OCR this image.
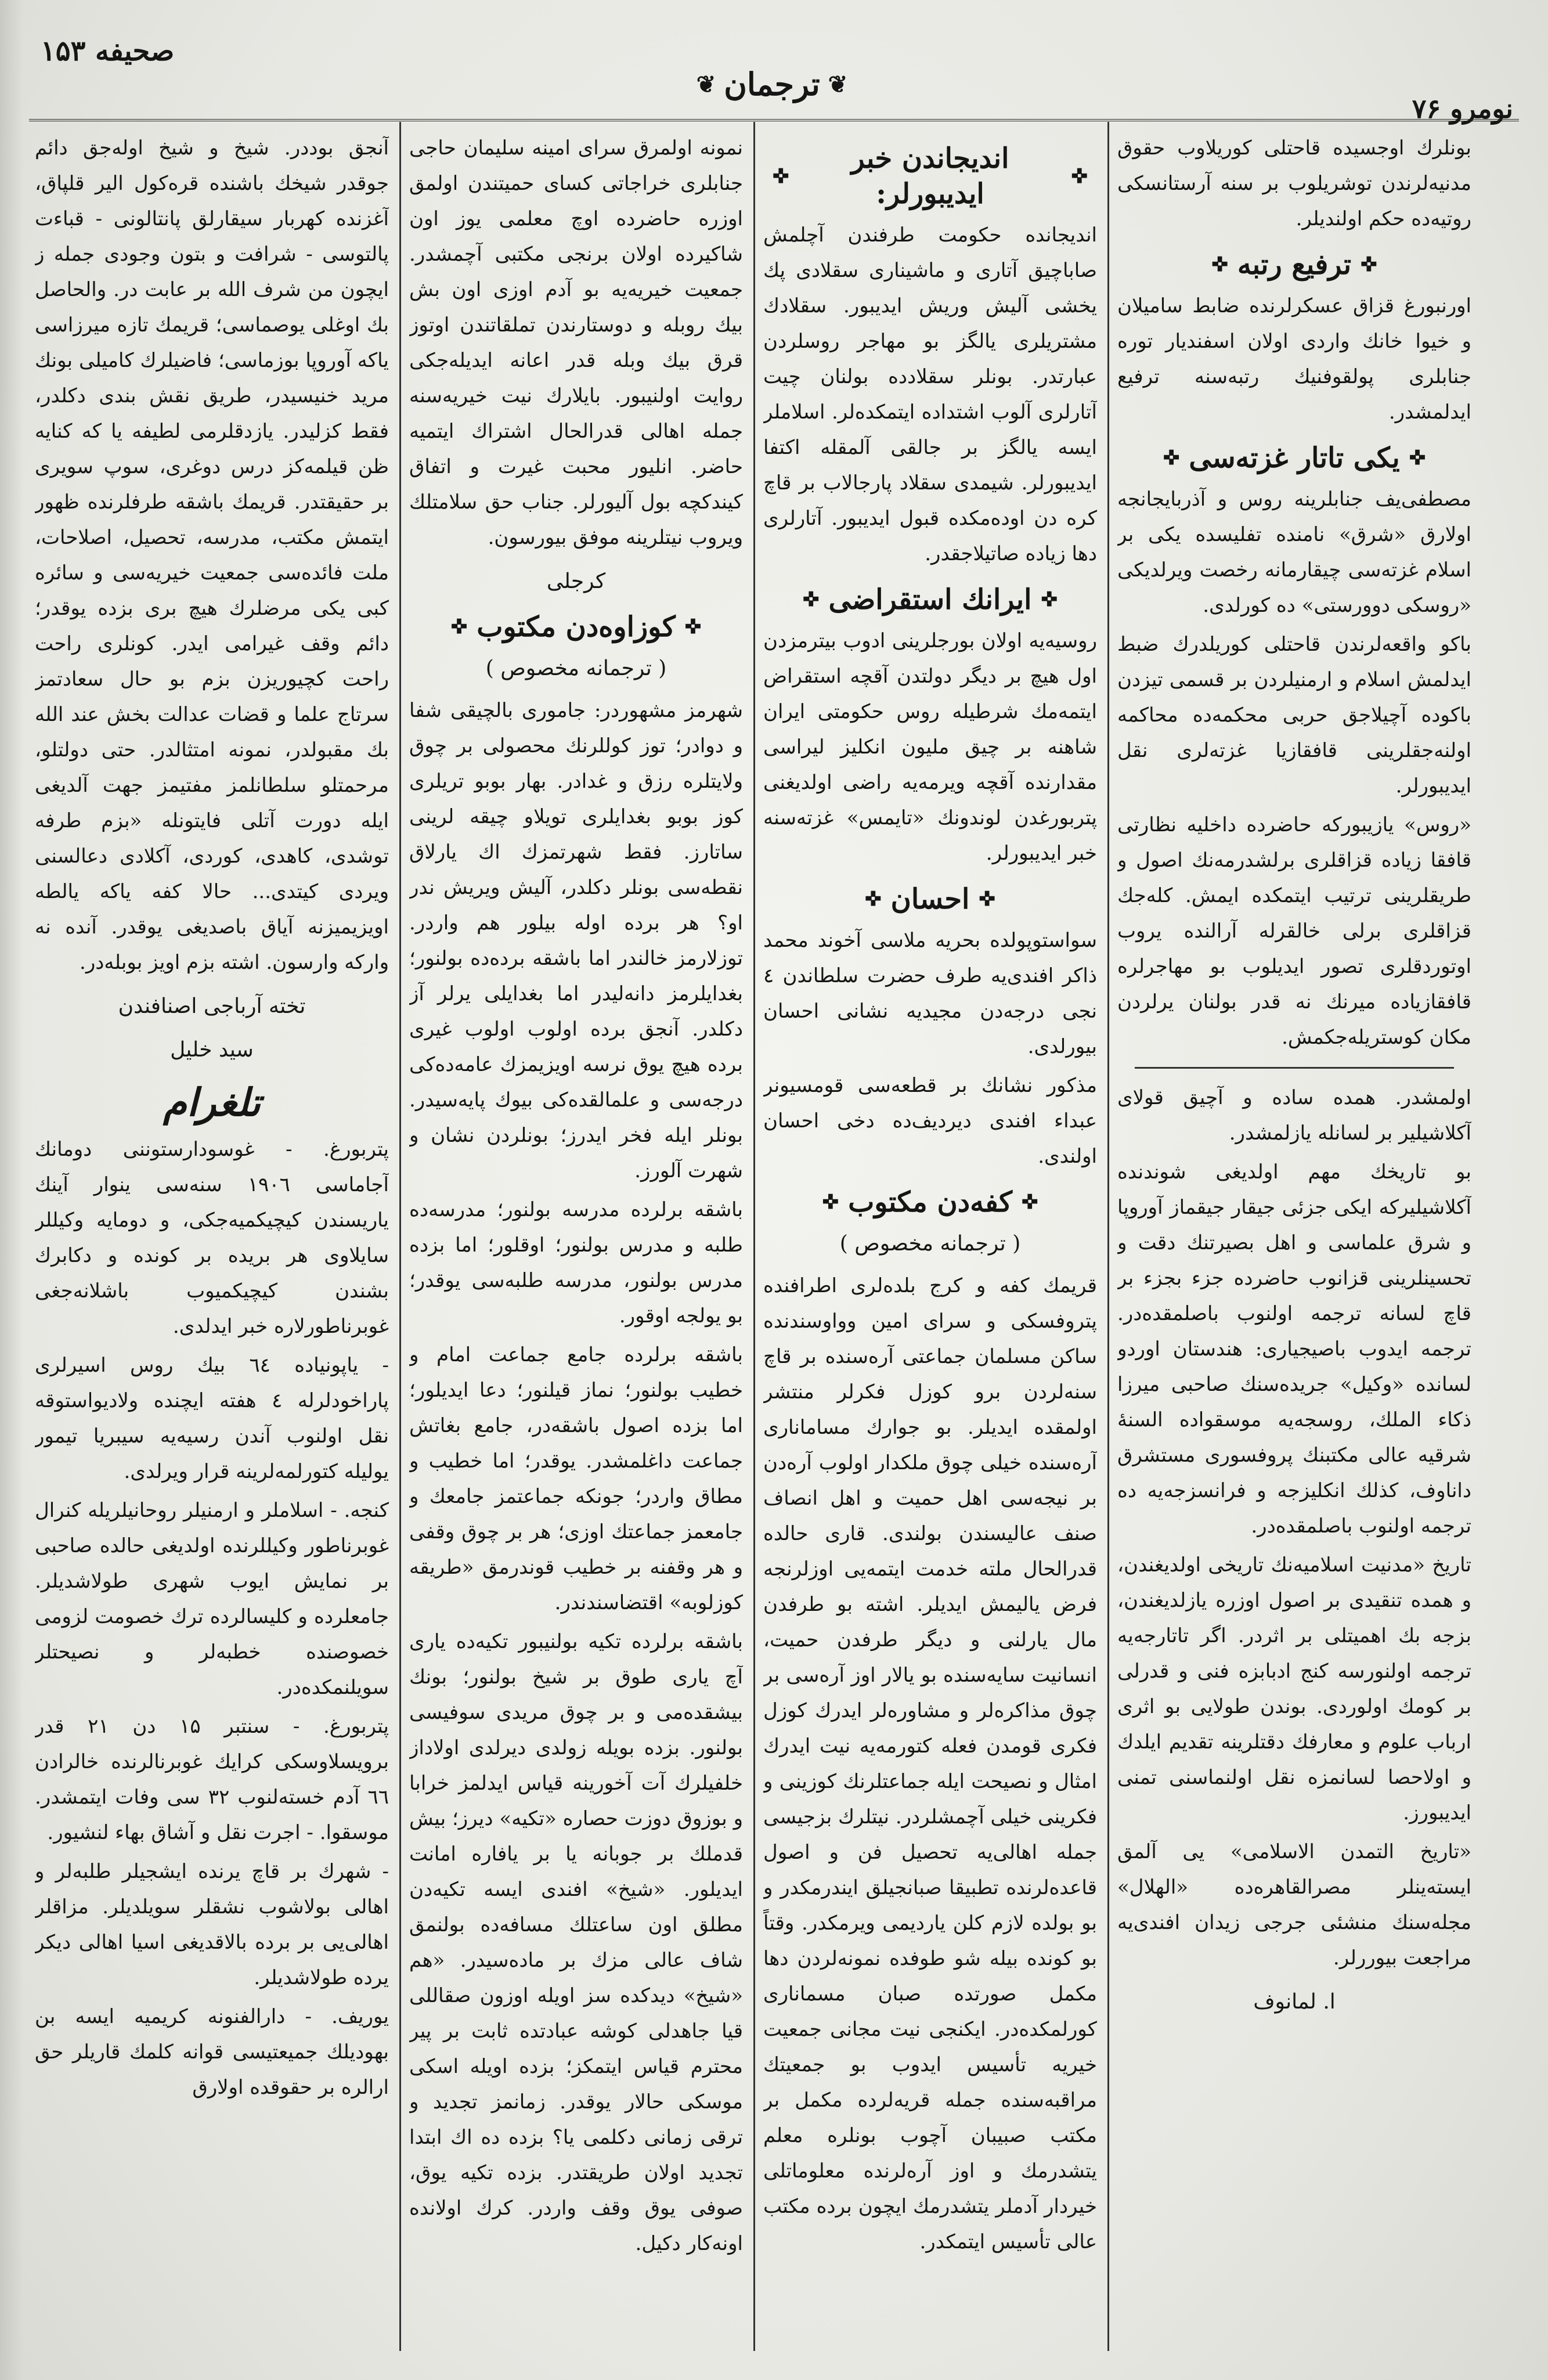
صحیفه ۱۵۳
❦
ترجمان
❦
نومرو ۷۶

بونلرك اوجسیده قاحتلی كوریلاوب حقوق مدنیه‌لرندن توشریلوب بر سنه آرستانسكی روتیه‌ده حكم اولندیلر.

✜
ترفیع رتبه
✜

اورنبورغ قزاق عسكرلرنده ضابط سامیلان و خیوا خانك واردی اولان اسفندیار توره جنابلری پولقوفنیك رتبه‌سنه ترفیع ایدلمشدر.

✜
یكی تاتار غزته‌سی
✜

مصطفی‌یف جنابلرینه روس و آذربایجانجه اولارق «شرق» نامنده تفلیسده یكی بر اسلام غزته‌سی چیقارمانه رخصت ویرلدیكی «روسكی دوورستی» ده كورلدی.

باكو واقعه‌لرندن قاحتلی كوریلدرك ضبط ایدلمش اسلام و ارمنیلردن بر قسمی تیزدن باكوده آچیلاجق حربی محكمه‌ده محاكمه اولنه‌جقلرینی قافقازیا غزته‌لری نقل ایدیبورلر.

«روس» یازیبوركه حاضرده داخلیه نظارتی قافقا زیاده قزاقلری برلشدرمه‌نك اصول و طریقلرینی ترتیب ایتمكده ایمش. كله‌جك قزاقلری برلی خالقرله آرالنده یروب اوتوردقلری تصور ایدیلوب بو مهاجرلره قافقازیاده میرنك نه قدر بولنان یرلردن مكان كوستریله‌جكمش.

اولمشدر. همده ساده و آچیق قولای آكلاشیلیر بر لسانله یازلمشدر.

بو تاریخك مهم اولدیغی شوندنده آكلاشیلیركه ایكی جزئی جیقار جیقماز آوروپا و شرق علماسی و اهل بصیرتنك دقت و تحسینلرینی قزانوب حاضرده جزء بجزء بر قاچ لسانه ترجمه اولنوب باصلمقده‌در. ترجمه ایدوب باصیجیاری: هندستان اوردو لسانده «وكیل» جریده‌سنك صاحبی میرزا ذكاء الملك، روسجه‌یه موسقواده السنهٔ شرقیه عالی مكتبنك پروفسوری مستشرق داناوف، كذلك انكلیزجه و فرانسزجه‌یه ده ترجمه اولنوب باصلمقده‌در.

تاریخ «مدنیت اسلامیه‌نك تاریخی اولدیغندن، و همده تنقیدی بر اصول اوزره یازلدیغندن، بزجه بك اهمیتلی بر اثردر. اگر تاتارجه‌یه ترجمه اولنورسه كنج ادبابزه فنی و قدرلی بر كومك اولوردی. بوندن طولایی بو اثری ارباب علوم و معارفك دقتلرینه تقدیم ایلدك و اولاحصا لسانمزه نقل اولنماسنی تمنی ایدیبورز.

«تاریخ التمدن الاسلامی» یی آلمق ایسته‌ینلر مصرالقاهره‌ده «الهلال» مجله‌سنك منشئی جرجی زیدان افندی‌یه مراجعت بیوررلر.

ا. لمانوف
✜
اندیجاندن خبر ایدیبورلر:
✜

اندیجانده حكومت طرفندن آچلمش صاباچیق آتاری و ماشیناری سقلادی پك یخشی آلیش وریش ایدیبور. سقلادك مشتریلری یالگز بو مهاجر روسلردن عبارتدر. بونلر سقلادده بولنان چیت آتارلری آلوب اشتداده ایتمكده‌لر. اسلاملر ایسه یالگز بر جالقی آلمقله اكتفا ایدیبورلر. شیمدی سقلاد پارجالاب بر قاچ كره دن اوده‌مكده قبول ایدیبور. آتارلری دها زیاده صاتیلاجقدر.

✜
ایرانك استقراضی
✜

روسیه‌یه اولان بورجلرینی ادوب بیترمزدن اول هیچ بر دیگر دولتدن آقچه استقراض ایتمه‌مك شرطیله روس حكومتی ایران شاهنه بر چیق ملیون انكلیز لیراسی مقدارنده آقچه ویرمه‌یه راضی اولدیغنی پتربورغدن لوندونك «تایمس» غزته‌سنه خبر ایدیبورلر.

✜
احسان
✜

سواستوپولده بحریه ملاسی آخوند محمد ذاكر افندی‌یه طرف حضرت سلطاندن ٤ نجی درجه‌دن مجیدیه نشانی احسان بیورلدی.

مذكور نشانك بر قطعه‌سی قومسیونر عبداء افندی دیردیف‌ده دخی احسان اولندی.

✜
كفه‌دن مكتوب
✜
( ترجمانه مخصوص )

قریمك كفه و كرج بلده‌لری اطرافنده پتروفسكی و سرای امین وواوسندنده ساكن مسلمان جماعتی آره‌سنده بر قاچ سنه‌لردن برو كوزل فكرلر منتشر اولمقده ایدیلر. بو جوارك مساماناری آره‌سنده خیلی چوق ملكدار اولوب آره‌دن بر نیجه‌سی اهل حمیت و اهل انصاف صنف عالیسندن بولندی. قاری حالده قدرالحال ملته خدمت ایتمه‌یی اوزلرنجه فرض یالیمش ایدیلر. اشته بو طرفدن مال یارلنی و دیگر طرفدن حمیت، انسانیت سایه‌سنده بو یالار اوز آره‌سی بر چوق مذاكره‌لر و مشاوره‌لر ایدرك كوزل فكری قومدن فعله كتورمه‌یه نیت ایدرك امثال و نصیحت ایله جماعتلرنك كوزینی و فكرینی خیلی آچمشلردر. نیتلرك بزجیسی جمله اهالی‌یه تحصیل فن و اصول قاعده‌لرنده تطبیقا صبانجیلق ایندرمكدر و بو بولده لازم كلن یاردیمی ویرمكدر. وقتاً بو كونده بیله شو طوفده نمونه‌لردن دها مكمل صورتده صبان مسماناری كورلمكده‌در. ایكنجی نیت مجانی جمعیت خیریه تأسیس ایدوب بو جمعیتك مراقبه‌سنده جمله قریه‌لرده مكمل بر مكتب صبیبان آچوب بونلره معلم یتشدرمك و اوز آره‌لرنده معلوماتلی خیردار آدملر یتشدرمك ایچون برده مكتب عالی تأسیس ایتمكدر.

نمونه اولمرق سرای امینه سلیمان حاجی جنابلری خراجاتی كسای حمیتندن اولمق اوزره حاضرده اوچ معلمی یوز اون شاكیرده اولان برنجی مكتبی آچمشدر. جمعیت خیریه‌یه بو آدم اوزی اون بش بیك روبله و دوستارندن تملقاتندن اوتوز قرق بیك وبله قدر اعانه ایدیله‌جكی روایت اولنیبور. بایلارك نیت خیریه‌سنه جمله اهالی قدرالحال اشتراك ایتمیه حاضر. انلیور محبت غیرت و اتفاق كیندكچه بول آلیورلر. جناب حق سلامتلك ویروب نیتلرینه موفق بیورسون.

كرجلی
✜
كوزاوه‌دن مكتوب
✜
( ترجمانه مخصوص )

شهرمز مشهوردر: جاموری بالچیقی شفا و دوادر؛ توز كوللرنك محصولی بر چوق ولایتلره رزق و غدادر. بهار بوبو تریلری كوز بوبو بغدایلری تویلاو چیقه لرینی ساتارز. فقط شهرتمزك اك یارلاق نقطه‌سی بونلر دكلدر، آلیش ویریش ندر او؟ هر برده اوله بیلور هم واردر. توزلارمز خالندر اما باشقه برده‌ده بولنور؛ بغدایلرمز دانه‌لیدر اما بغدایلی یرلر آز دكلدر. آنجق برده اولوب اولوب غیری برده هیچ یوق نرسه اویزیمزك عامه‌ده‌كی درجه‌سی و علمالقده‌كی بیوك پایه‌سیدر. بونلر ایله فخر ایدرز؛ بونلردن نشان و شهرت آلورز.

باشقه برلرده مدرسه بولنور؛ مدرسه‌ده طلبه و مدرس بولنور؛ اوقلور؛ اما بزده مدرس بولنور، مدرسه طلبه‌سی یوقدر؛ بو یولجه اوقور.

باشقه برلرده جامع جماعت امام و خطیب بولنور؛ نماز قیلنور؛ دعا ایدیلور؛ اما بزده اصول باشقه‌در، جامع بغاتش جماعت داغلمشدر. یوقدر؛ اما خطیب و مطاق واردر؛ جونكه جماعتمز جامعك و جامعمز جماعتك اوزی؛ هر بر چوق وقفی و هر وقفنه بر خطیب قوندرمق «طریقه كوزلوبه» اقتضاسندندر.

باشقه برلرده تكیه بولنیبور تكیه‌ده یاری آچ یاری طوق بر شیخ بولنور؛ بونك بیشقده‌می و بر چوق مریدی سوفیسی بولنور. بزده بویله زولدی دیرلدی اولاداز خلفیلرك آت آخورینه قیاس ایدلمز خرابا و بوزوق دوزت حصاره «تكیه» دیرز؛ بیش قدملك بر جوبانه یا بر یافاره امانت ایدیلور. «شیخ» افندی ایسه تكیه‌دن مطلق اون ساعتلك مسافه‌ده بولنمق شاف عالی مزك بر ماده‌سیدر. «هم «شیخ» دیدكده سز اویله اوزون صقاللی قیا جاهدلی كوشه عبادتده ثابت بر پیر محترم قیاس ایتمكز؛ بزده اویله اسكی موسكی حالار یوقدر. زمانمز تجدید و ترقی زمانی دكلمی یا؟ بزده ده اك ابتدا تجدید اولان طریقتدر. بزده تكیه یوق، صوفی یوق وقف واردر. كرك اولانده اونه‌كار دكیل.

آنجق بوددر. شیخ و شیخ اوله‌جق دائم جوقدر شیخك باشنده قره‌كول الیر قلپاق، آغزنده كهربار سیقارلق پانتالونی - قباءت پالتوسی - شرافت و بتون وجودی جمله ز ایچون من شرف الله بر عابت در. والحاصل بك اوغلی یوصماسی؛ قریمك تازه میرزاسی یاكه آوروپا بوزماسی؛ فاضیلرك كامیلی بونك مرید خنیسیدر، طریق نقش بندی دكلدر، فقط كزلیدر. یازدقلرمی لطیفه یا كه كنایه ظن قیلمه‌كز درس دوغری، سوپ سویری بر حقیقتدر. قریمك باشقه طرفلرنده ظهور ایتمش مكتب، مدرسه، تحصیل، اصلاحات، ملت فائده‌سی جمعیت خیریه‌سی و سائره كبی یكی مرضلرك هیچ بری بزده یوقدر؛ دائم وقف غیرامی ایدر. كونلری راحت راحت كچیوریزن بزم بو حال سعادتمز سرتاج علما و قضات عدالت بخش عند الله بك مقبولدر، نمونه امتثالدر. حتی دولتلو، مرحمتلو سلطانلمز مفتیمز جهت آلدیغی ایله دورت آتلی فایتونله «بزم طرفه توشدی، كاهدی، كوردی، آكلادی دعالسنی ویردی كیتدی... حالا كفه یاكه یالطه اویزیمیزنه آیاق باصدیغی یوقدر. آنده نه وارکه وارسون. اشته بزم اویز بوبله‌در.

تخته آرباجی اصنافندن
سید خلیل
تلغرام

پتربورغ. - غوسودارستوننی دومانك آجاماسی ۱۹۰٦ سنه‌سی ینوار آینك یاریسندن كیچیكمیه‌جكی، و دومایه وكیللر سایلاوی هر بریده بر كونده و دكابرك بشندن كیچیكمیوب باشلانه‌جغی غوبرناطورلاره خبر ایدلدی.

- یاپونیاده ٦٤ بیك روس اسیرلری پاراخودلرله ٤ هفته ایچنده ولادیواستوقه نقل اولنوب آندن رسیه‌یه سیبریا تیمور یولیله كتورلمه‌لرینه قرار ویرلدی.

كنجه. - اسلاملر و ارمنیلر روحانیلریله كنرال غوبرناطور وكیللرنده اولدیغی حالده صاحبی بر نمایش ایوب شهری طولاشدیلر. جامعلرده و كلیسالرده ترك خصومت لزومی خصوصنده خطبه‌لر و نصیحتلر سویلنمكده‌در.

پتربورغ. - سنتبر ۱۵ دن ۲۱ قدر برویسلاوسكی كرایك غوبرنالرنده خالرادن ٦٦ آدم خسته‌لنوب ۳۲ سی وفات ایتمشدر. موسقوا. - اجرت نقل و آشاق بهاء لنشیور.

- شهرك بر قاچ یرنده ایشجیلر طلبه‌لر و اهالی بولاشوب نشقلر سویلدیلر. مزاقلر اهالی‌یی بر برده بالاقدیغی اسیا اهالی دیكر یرده طولاشدیلر.

یوریف. - دارالفنونه كریمیه ایسه بن بهودیلك جمیعتیسی قوانه كلمك قاریلر حق ارالره بر حقوقده اولارق
